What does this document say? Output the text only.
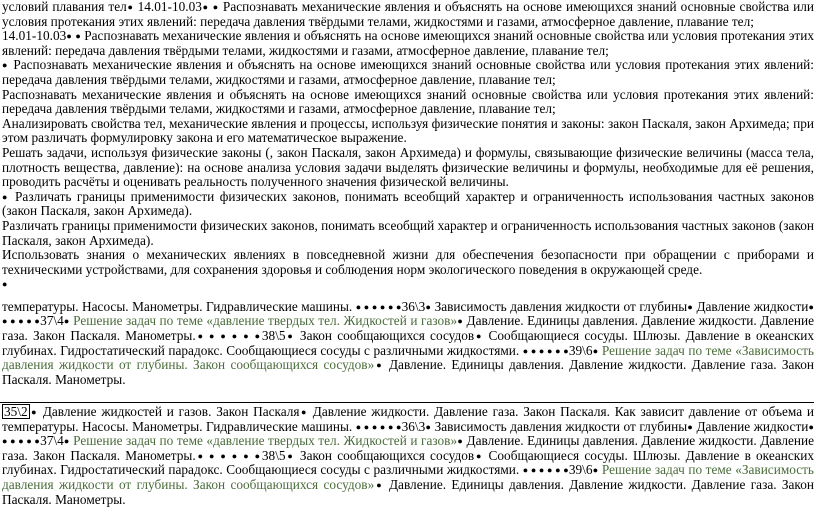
условий плавания тел● 14.01-10.03● ● Распознавать механические явления и объяснять на основе имеющихся знаний основные свойства или условия протекания этих явлений: передача давления твёрдыми телами, жидкостями и газами, атмосферное давление, плавание тел;

14.01-10.03● ● Распознавать механические явления и объяснять на основе имеющихся знаний основные свойства или условия протекания этих явлений: передача давления твёрдыми телами, жидкостями и газами, атмосферное давление, плавание тел;

● Распознавать механические явления и объяснять на основе имеющихся знаний основные свойства или условия протекания этих явлений: передача давления твёрдыми телами, жидкостями и газами, атмосферное давление, плавание тел;

Распознавать механические явления и объяснять на основе имеющихся знаний основные свойства или условия протекания этих явлений: передача давления твёрдыми телами, жидкостями и газами, атмосферное давление, плавание тел;

Анализировать свойства тел, механические явления и процессы, используя физические понятия и законы: закон Паскаля, закон Архимеда; при этом различать формулировку закона и его математическое выражение.

Решать задачи, используя физические законы (, закон Паскаля, закон Архимеда) и формулы, связывающие физические величины (масса тела, плотность вещества, давление): на основе анализа условия задачи выделять физические величины и формулы, необходимые для её решения, проводить расчёты и оценивать реальность полученного значения физической величины.

● Различать границы применимости физических законов, понимать всеобщий характер и ограниченность использования частных законов (закон Паскаля, закон Архимеда).

Различать границы применимости физических законов, понимать всеобщий характер и ограниченность использования частных законов (закон Паскаля, закон Архимеда).

Использовать знания о механических явлениях в повседневной жизни для обеспечения безопасности при обращении с приборами и техническими устройствами, для сохранения здоровья и соблюдения норм экологического поведения в окружающей среде.

●

температуры. Насосы. Манометры. Гидравлические машины. ● ● ● ● ● ●36\3● Зависимость давления жидкости от глубины● Давление жидкости● ● ● ● ● ●37\4● Решение задач по теме «давление твердых тел. Жидкостей и газов»● Давление. Единицы давления. Давление жидкости. Давление газа. Закон Паскаля. Манометры.● ● ● ● ● ●38\5● Закон сообщающихся сосудов● Сообщающиеся сосуды. Шлюзы. Давление в океанских глубинах. Гидростатический парадокс. Сообщающиеся сосуды с различными жидкостями. ● ● ● ● ● ●39\6● Решение задач по теме «Зависимость давления жидкости от глубины. Закон сообщающихся сосудов»● Давление. Единицы давления. Давление жидкости. Давление газа. Закон Паскаля. Манометры.

35\2 ● Давление жидкостей и газов. Закон Паскаля● Давление жидкости. Давление газа. Закон Паскаля. Как зависит давление от объема и температуры. Насосы. Манометры. Гидравлические машины. ● ● ● ● ● ●36\3● Зависимость давления жидкости от глубины● Давление жидкости● ● ● ● ● ●37\4● Решение задач по теме «давление твердых тел. Жидкостей и газов»● Давление. Единицы давления. Давление жидкости. Давление газа. Закон Паскаля. Манометры.● ● ● ● ● ●38\5● Закон сообщающихся сосудов● Сообщающиеся сосуды. Шлюзы. Давление в океанских глубинах. Гидростатический парадокс. Сообщающиеся сосуды с различными жидкостями. ● ● ● ● ● ●39\6● Решение задач по теме «Зависимость давления жидкости от глубины. Закон сообщающихся сосудов»● Давление. Единицы давления. Давление жидкости. Давление газа. Закон Паскаля. Манометры.
